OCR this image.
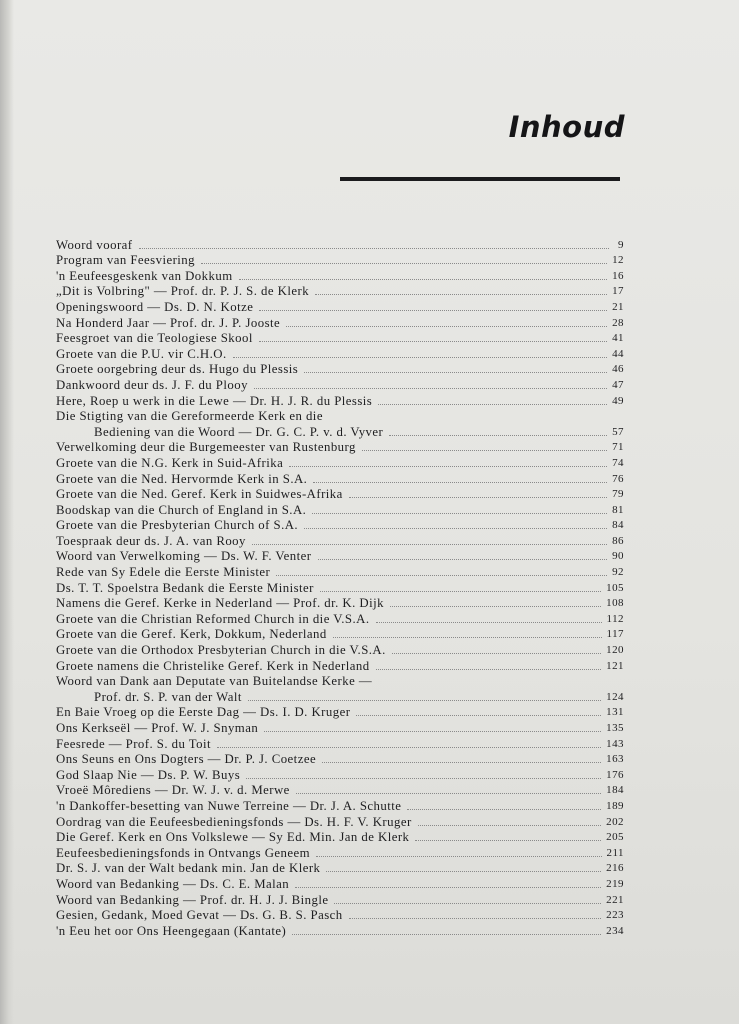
Inhoud
Woord vooraf	9
Program van Feesviering	12
'n Eeufeesgeskenk van Dokkum	16
„Dit is Volbring" — Prof. dr. P. J. S. de Klerk	17
Openingswoord — Ds. D. N. Kotze	21
Na Honderd Jaar — Prof. dr. J. P. Jooste	28
Feesgroet van die Teologiese Skool	41
Groete van die P.U. vir C.H.O.	44
Groete oorgebring deur ds. Hugo du Plessis	46
Dankwoord deur ds. J. F. du Plooy	47
Here, Roep u werk in die Lewe — Dr. H. J. R. du Plessis	49
Die Stigting van die Gereformeerde Kerk en die
Bediening van die Woord — Dr. G. C. P. v. d. Vyver	57
Verwelkoming deur die Burgemeester van Rustenburg	71
Groete van die N.G. Kerk in Suid-Afrika	74
Groete van die Ned. Hervormde Kerk in S.A.	76
Groete van die Ned. Geref. Kerk in Suidwes-Afrika	79
Boodskap van die Church of England in S.A.	81
Groete van die Presbyterian Church of S.A.	84
Toespraak deur ds. J. A. van Rooy	86
Woord van Verwelkoming — Ds. W. F. Venter	90
Rede van Sy Edele die Eerste Minister	92
Ds. T. T. Spoelstra Bedank die Eerste Minister	105
Namens die Geref. Kerke in Nederland — Prof. dr. K. Dijk	108
Groete van die Christian Reformed Church in die V.S.A.	112
Groete van die Geref. Kerk, Dokkum, Nederland	117
Groete van die Orthodox Presbyterian Church in die V.S.A.	120
Groete namens die Christelike Geref. Kerk in Nederland	121
Woord van Dank aan Deputate van Buitelandse Kerke —
Prof. dr. S. P. van der Walt	124
En Baie Vroeg op die Eerste Dag — Ds. I. D. Kruger	131
Ons Kerkseël — Prof. W. J. Snyman	135
Feesrede — Prof. S. du Toit	143
Ons Seuns en Ons Dogters — Dr. P. J. Coetzee	163
God Slaap Nie — Ds. P. W. Buys	176
Vroeë Môrediens — Dr. W. J. v. d. Merwe	184
'n Dankoffer-besetting van Nuwe Terreine — Dr. J. A. Schutte	189
Oordrag van die Eeufeesbedieningsfonds — Ds. H. F. V. Kruger	202
Die Geref. Kerk en Ons Volkslewe — Sy Ed. Min. Jan de Klerk	205
Eeufeesbedieningsfonds in Ontvangs Geneem	211
Dr. S. J. van der Walt bedank min. Jan de Klerk	216
Woord van Bedanking — Ds. C. E. Malan	219
Woord van Bedanking — Prof. dr. H. J. J. Bingle	221
Gesien, Gedank, Moed Gevat — Ds. G. B. S. Pasch	223
'n Eeu het oor Ons Heengegaan (Kantate)	234
